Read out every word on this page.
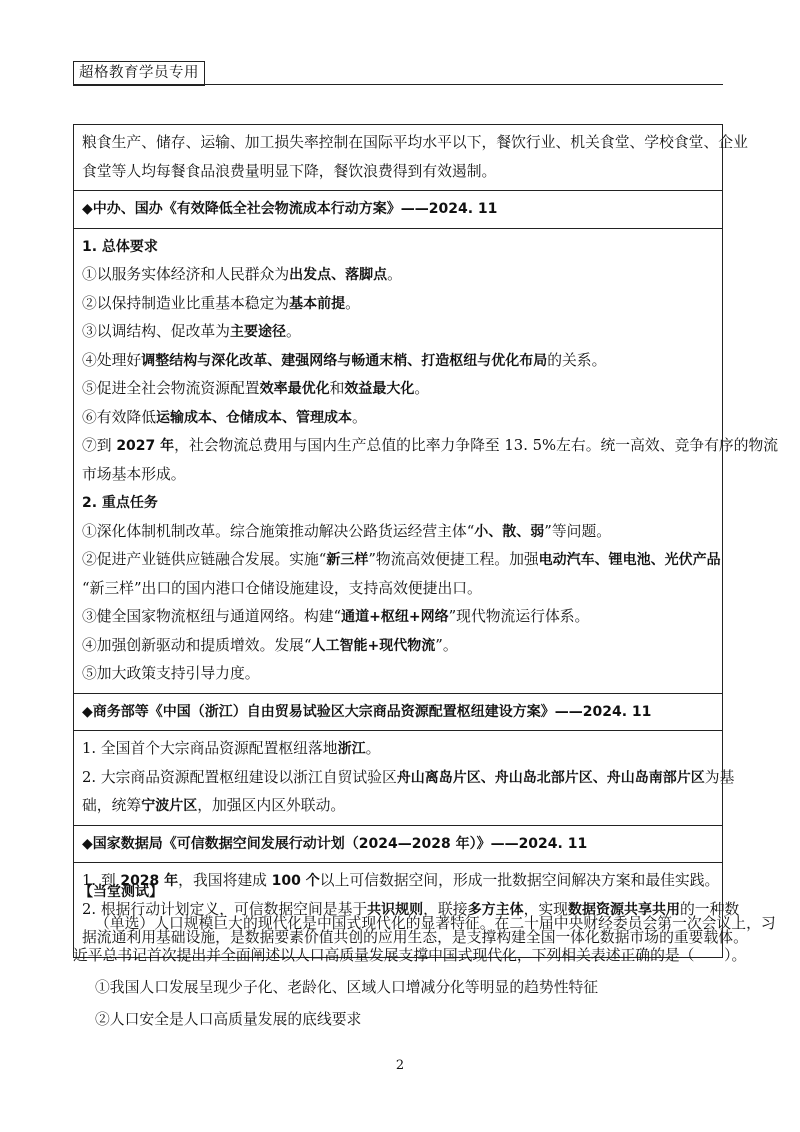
超格教育学员专用
粮食生产、储存、运输、加工损失率控制在国际平均水平以下，餐饮行业、机关食堂、学校食堂、企业
食堂等人均每餐食品浪费量明显下降，餐饮浪费得到有效遏制。

◆中办、国办《有效降低全社会物流成本行动方案》——2024. 11

1. 总体要求
①以服务实体经济和人民群众为出发点、落脚点。
②以保持制造业比重基本稳定为基本前提。
③以调结构、促改革为主要途径。
④处理好调整结构与深化改革、建强网络与畅通末梢、打造枢纽与优化布局的关系。
⑤促进全社会物流资源配置效率最优化和效益最大化。
⑥有效降低运输成本、仓储成本、管理成本。
⑦到 2027 年，社会物流总费用与国内生产总值的比率力争降至 13. 5%左右。统一高效、竞争有序的物流
市场基本形成。
2. 重点任务
①深化体制机制改革。综合施策推动解决公路货运经营主体“小、散、弱”等问题。
②促进产业链供应链融合发展。实施“新三样”物流高效便捷工程。加强电动汽车、锂电池、光伏产品
“新三样”出口的国内港口仓储设施建设，支持高效便捷出口。
③健全国家物流枢纽与通道网络。构建“通道+枢纽+网络”现代物流运行体系。
④加强创新驱动和提质增效。发展“人工智能+现代物流”。
⑤加大政策支持引导力度。

◆商务部等《中国（浙江）自由贸易试验区大宗商品资源配置枢纽建设方案》——2024. 11

1. 全国首个大宗商品资源配置枢纽落地浙江。
2. 大宗商品资源配置枢纽建设以浙江自贸试验区舟山离岛片区、舟山岛北部片区、舟山岛南部片区为基
础，统筹宁波片区，加强区内区外联动。

◆国家数据局《可信数据空间发展行动计划（2024—2028 年）》——2024. 11

1. 到 2028 年，我国将建成 100 个以上可信数据空间，形成一批数据空间解决方案和最佳实践。
2. 根据行动计划定义，可信数据空间是基于共识规则，联接多方主体，实现数据资源共享共用的一种数
据流通利用基础设施，是数据要素价值共创的应用生态，是支撑构建全国一体化数据市场的重要载体。
【当堂测试】
（单选）人口规模巨大的现代化是中国式现代化的显著特征。在二十届中央财经委员会第一次会议上，习
近平总书记首次提出并全面阐述以人口高质量发展支撑中国式现代化，下列相关表述正确的是（　　）。
①我国人口发展呈现少子化、老龄化、区域人口增减分化等明显的趋势性特征
②人口安全是人口高质量发展的底线要求
2
